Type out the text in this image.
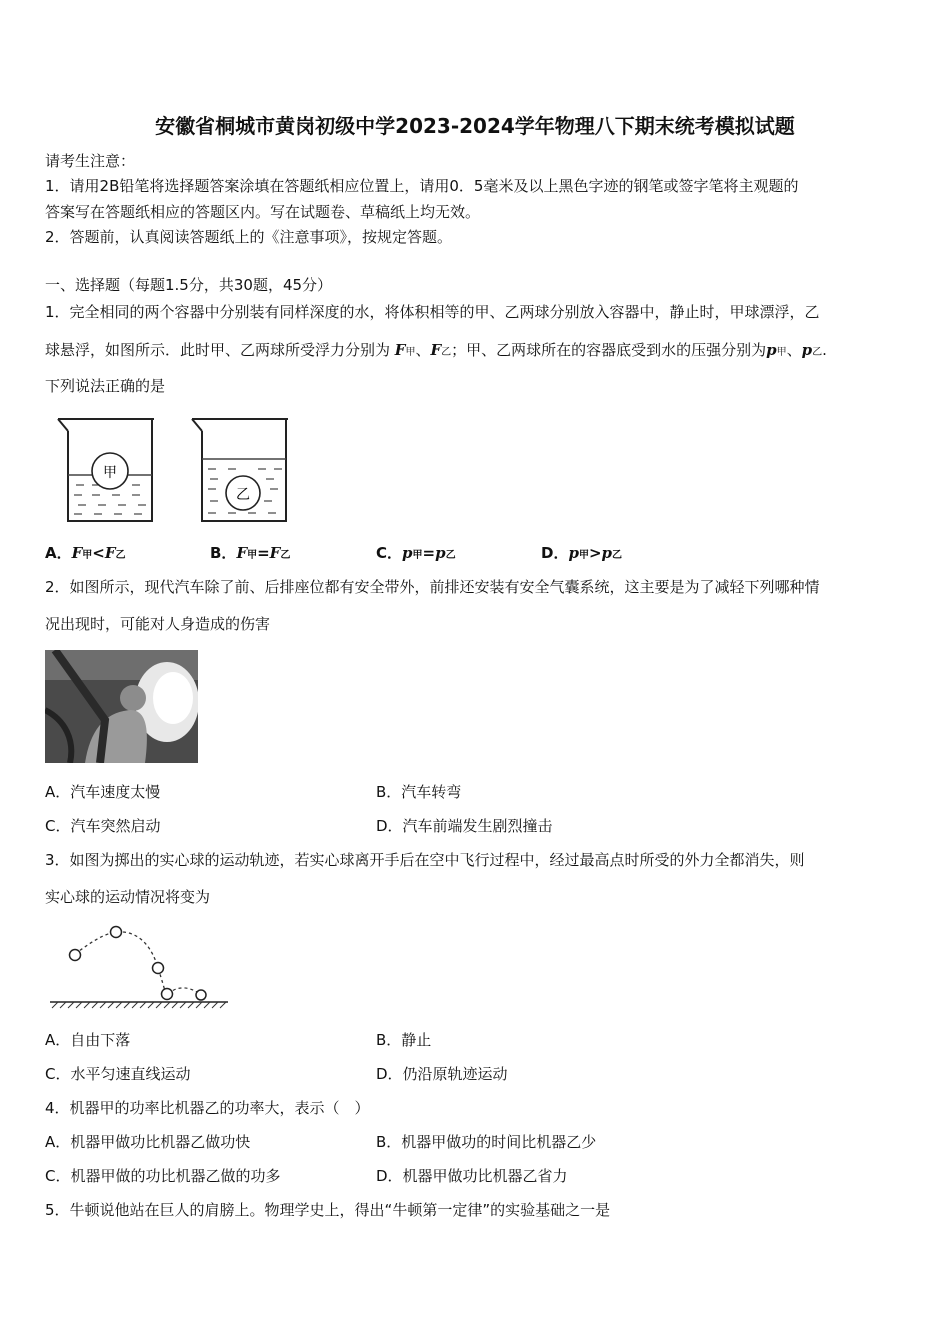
安徽省桐城市黄岗初级中学2023-2024学年物理八下期末统考模拟试题
请考生注意：
1．请用2B铅笔将选择题答案涂填在答题纸相应位置上，请用0．5毫米及以上黑色字迹的钢笔或签字笔将主观题的
答案写在答题纸相应的答题区内。写在试题卷、草稿纸上均无效。
2．答题前，认真阅读答题纸上的《注意事项》，按规定答题。
一、选择题（每题1.5分，共30题，45分）
1．完全相同的两个容器中分别装有同样深度的水，将体积相等的甲、乙两球分别放入容器中，静止时，甲球漂浮，乙
球悬浮，如图所示．此时甲、乙两球所受浮力分别为 F甲、F乙；甲、乙两球所在的容器底受到水的压强分别为p甲、p乙.
下列说法正确的是
甲
乙
A．F甲<F乙	B．F甲=F乙	C．p甲=p乙	D．p甲>p乙
2．如图所示，现代汽车除了前、后排座位都有安全带外，前排还安装有安全气囊系统，这主要是为了减轻下列哪种情
况出现时，可能对人身造成的伤害
A．汽车速度太慢	B．汽车转弯
C．汽车突然启动	D．汽车前端发生剧烈撞击
3．如图为掷出的实心球的运动轨迹，若实心球离开手后在空中飞行过程中，经过最高点时所受的外力全都消失，则
实心球的运动情况将变为
A．自由下落	B．静止
C．水平匀速直线运动	D．仍沿原轨迹运动
4．机器甲的功率比机器乙的功率大，表示（　）
A．机器甲做功比机器乙做功快	B．机器甲做功的时间比机器乙少
C．机器甲做的功比机器乙做的功多	D．机器甲做功比机器乙省力
5．牛顿说他站在巨人的肩膀上。物理学史上，得出“牛顿第一定律”的实验基础之一是
